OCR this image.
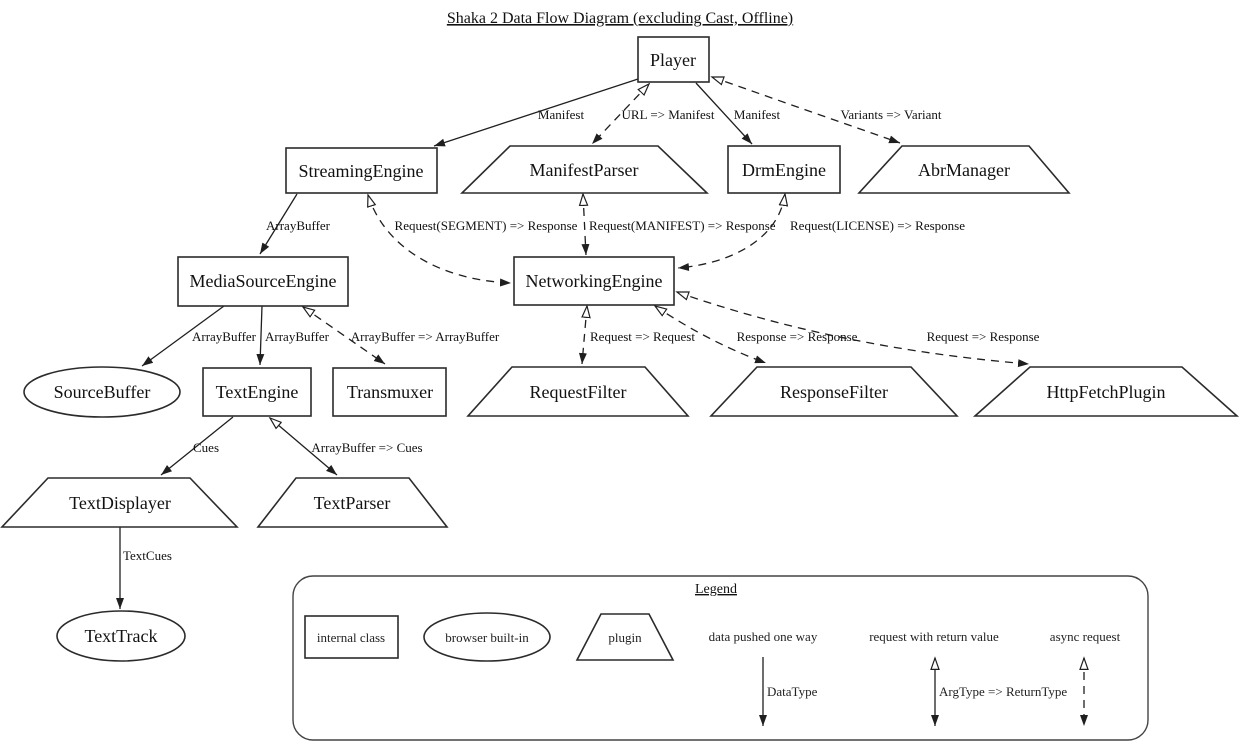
Shaka 2 Data Flow Diagram (excluding Cast, Offline)
Manifest	URL => Manifest Manifest	Variants => Variant
ArrayBuffer	Request(SEGMENT) => Response Request(MANIFEST) => Response Request(LICENSE) => Response
ArrayBuffer ArrayBuffer ArrayBuffer => ArrayBuffer	Request => Request	Response => Response	Request => Response
Cues	ArrayBuffer => Cues
TextCues
Player
StreamingEngine	ManifestParser	DrmEngine	AbrManager
MediaSourceEngine	NetworkingEngine
SourceBuffer	TextEngine	Transmuxer	RequestFilter	ResponseFilter	HttpFetchPlugin
TextDisplayer	TextParser
TextTrack
Legend
internal class	browser built-in	plugin	data pushed one way
DataType
request with return value
ArgType => ReturnType
async request
